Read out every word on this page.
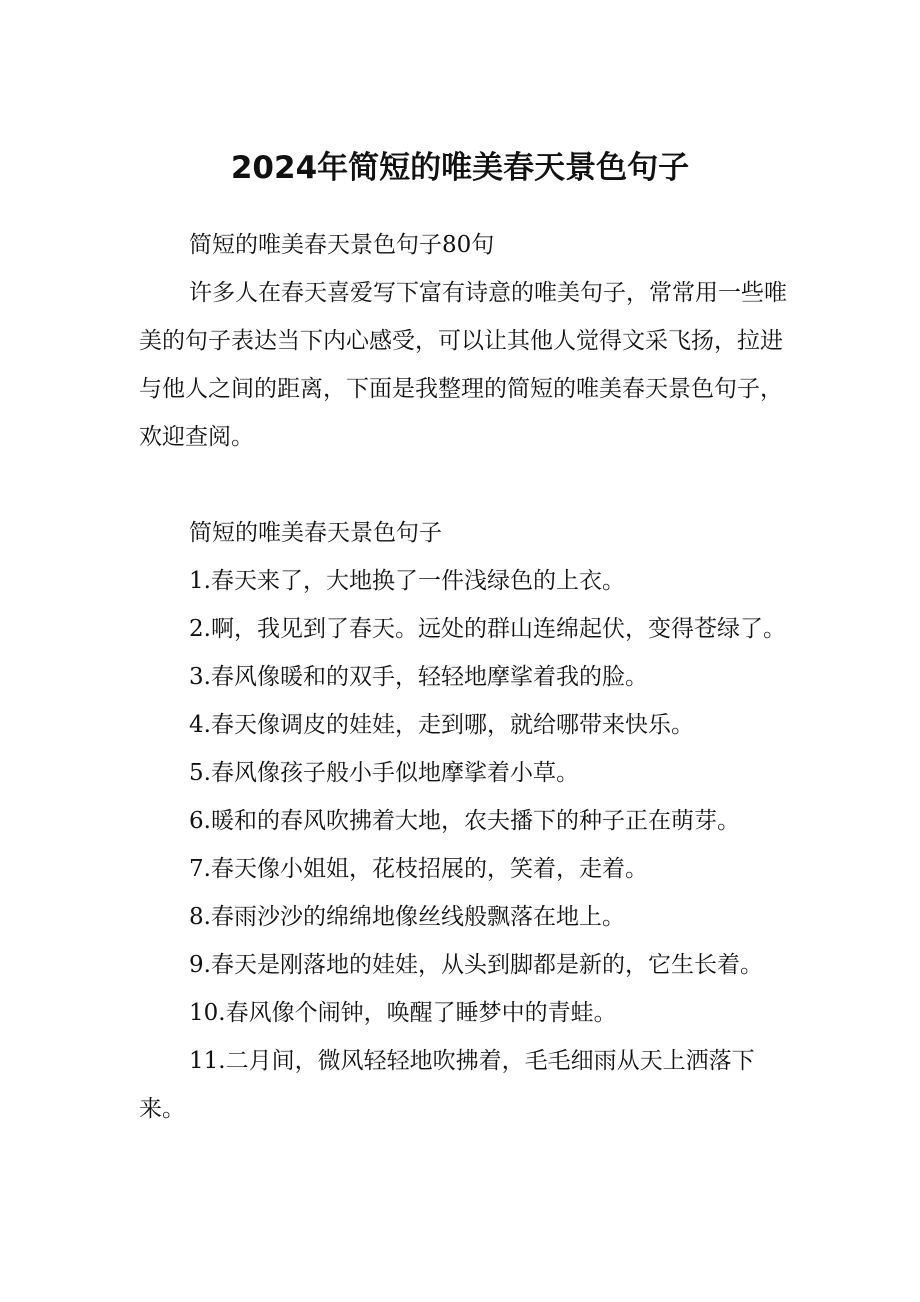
2024年简短的唯美春天景色句子

简短的唯美春天景色句子80句

许多人在春天喜爱写下富有诗意的唯美句子，常常用一些唯美的句子表达当下内心感受，可以让其他人觉得文采飞扬，拉进与他人之间的距离，下面是我整理的简短的唯美春天景色句子，欢迎查阅。

简短的唯美春天景色句子

1.春天来了，大地换了一件浅绿色的上衣。

2.啊，我见到了春天。远处的群山连绵起伏，变得苍绿了。

3.春风像暖和的双手，轻轻地摩挲着我的脸。

4.春天像调皮的娃娃，走到哪，就给哪带来快乐。

5.春风像孩子般小手似地摩挲着小草。

6.暖和的春风吹拂着大地，农夫播下的种子正在萌芽。

7.春天像小姐姐，花枝招展的，笑着，走着。

8.春雨沙沙的绵绵地像丝线般飘落在地上。

9.春天是刚落地的娃娃，从头到脚都是新的，它生长着。

10.春风像个闹钟，唤醒了睡梦中的青蛙。

11.二月间，微风轻轻地吹拂着，毛毛细雨从天上洒落下来。
